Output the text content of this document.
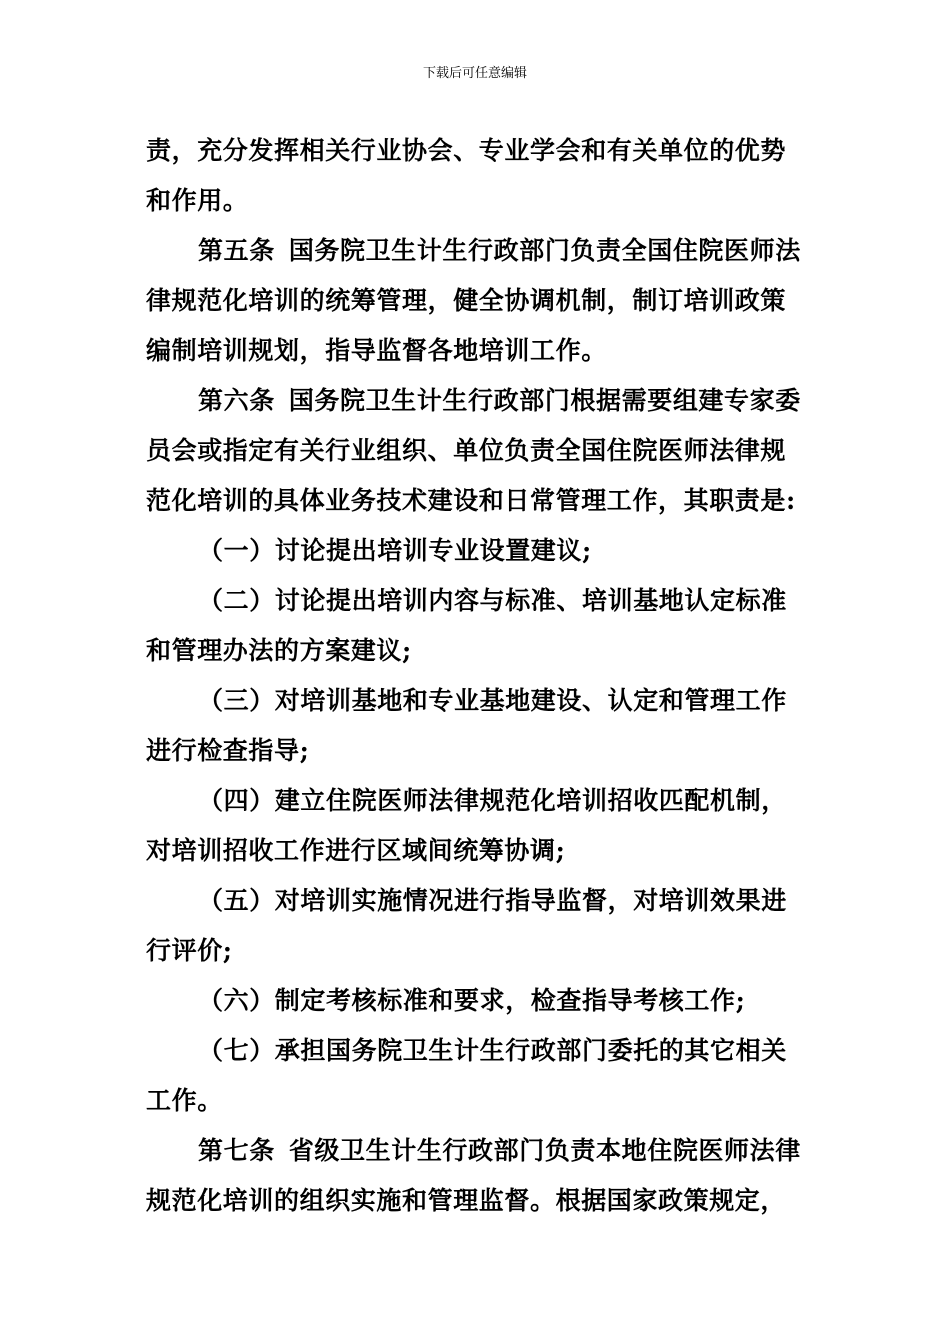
下载后可任意编辑
责，充分发挥相关行业协会、专业学会和有关单位的优势
和作用。
第五条 国务院卫生计生行政部门负责全国住院医师法
律规范化培训的统筹管理，健全协调机制，制订培训政策
编制培训规划，指导监督各地培训工作。
第六条 国务院卫生计生行政部门根据需要组建专家委
员会或指定有关行业组织、单位负责全国住院医师法律规
范化培训的具体业务技术建设和日常管理工作，其职责是:
（一）讨论提出培训专业设置建议;
（二）讨论提出培训内容与标准、培训基地认定标准
和管理办法的方案建议;
（三）对培训基地和专业基地建设、认定和管理工作
进行检查指导;
（四）建立住院医师法律规范化培训招收匹配机制，
对培训招收工作进行区域间统筹协调;
（五）对培训实施情况进行指导监督，对培训效果进
行评价;
（六）制定考核标准和要求，检查指导考核工作;
（七）承担国务院卫生计生行政部门委托的其它相关
工作。
第七条 省级卫生计生行政部门负责本地住院医师法律
规范化培训的组织实施和管理监督。根据国家政策规定，
